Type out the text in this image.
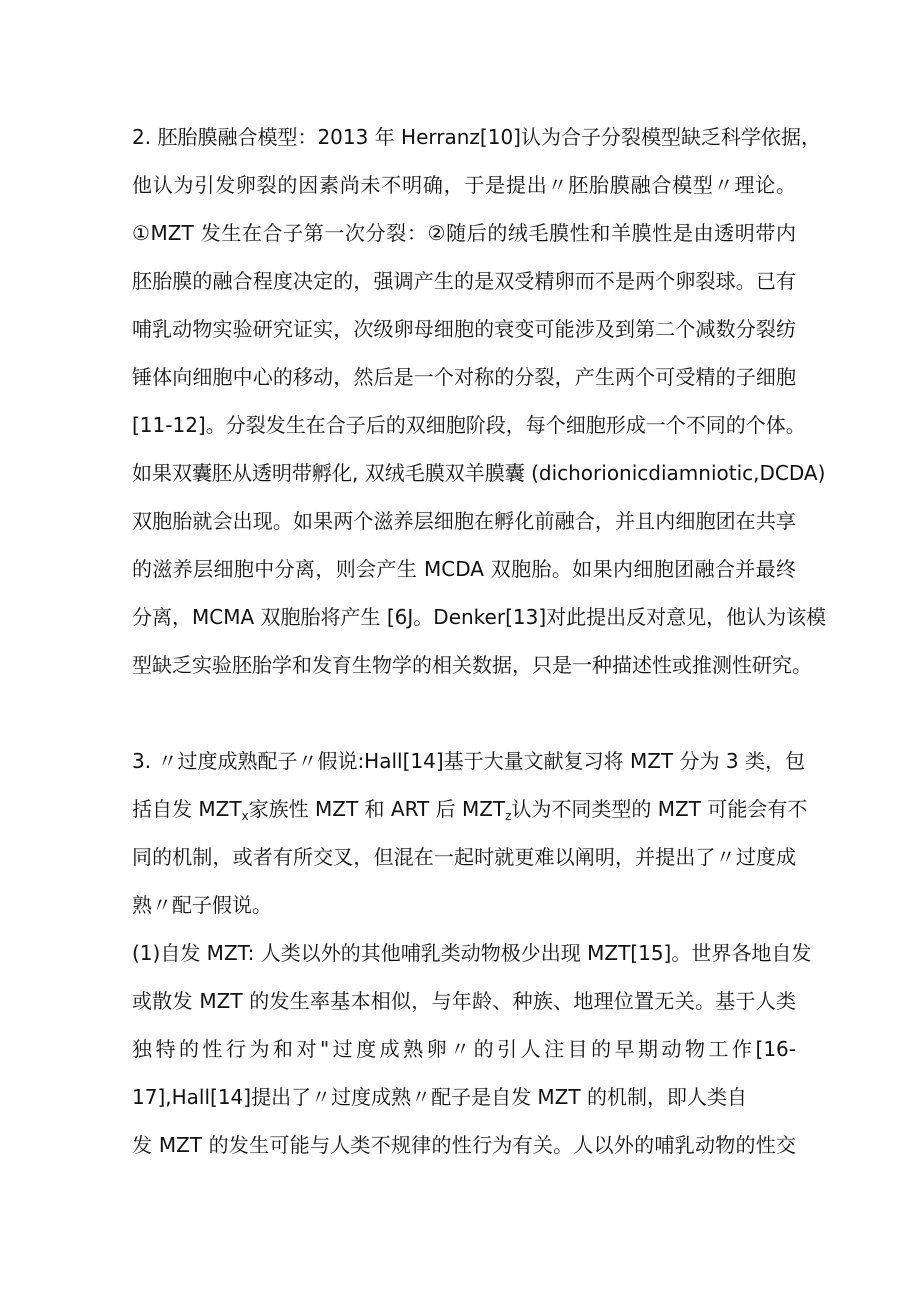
2. 胚胎膜融合模型：2013 年 Herranz[10]认为合子分裂模型缺乏科学依据，
他认为引发卵裂的因素尚未不明确，于是提出〃胚胎膜融合模型〃理论。
①MZT 发生在合子第一次分裂：②随后的绒毛膜性和羊膜性是由透明带内
胚胎膜的融合程度决定的，强调产生的是双受精卵而不是两个卵裂球。已有
哺乳动物实验研究证实，次级卵母细胞的衰变可能涉及到第二个减数分裂纺
锤体向细胞中心的移动，然后是一个对称的分裂，产生两个可受精的子细胞
[11-12]。分裂发生在合子后的双细胞阶段，每个细胞形成一个不同的个体。
如果双囊胚从透明带孵化, 双绒毛膜双羊膜囊 (dichorionicdiamniotic,DCDA)
双胞胎就会出现。如果两个滋养层细胞在孵化前融合，并且内细胞团在共享
的滋养层细胞中分离，则会产生 MCDA 双胞胎。如果内细胞团融合并最终
分离，MCMA 双胞胎将产生 [6J。Denker[13]对此提出反对意见，他认为该模
型缺乏实验胚胎学和发育生物学的相关数据，只是一种描述性或推测性研究。
3. 〃过度成熟配子〃假说:Hall[14]基于大量文献复习将 MZT 分为 3 类，包
括自发 $MZT_x$家族性 MZT 和 ART 后 $MZT_z$认为不同类型的 MZT 可能会有不
同的机制，或者有所交叉，但混在一起时就更难以阐明，并提出了〃过度成
熟〃配子假说。
(1)自发 MZT: 人类以外的其他哺乳类动物极少出现 MZT[15]。世界各地自发
或散发 MZT 的发生率基本相似，与年龄、种族、地理位置无关。基于人类
独特的性行为和对"过度成熟卵〃的引人注目的早期动物工作[16-
17],Hall[14]提出了〃过度成熟〃配子是自发 MZT 的机制，即人类自
发 MZT 的发生可能与人类不规律的性行为有关。人以外的哺乳动物的性交
